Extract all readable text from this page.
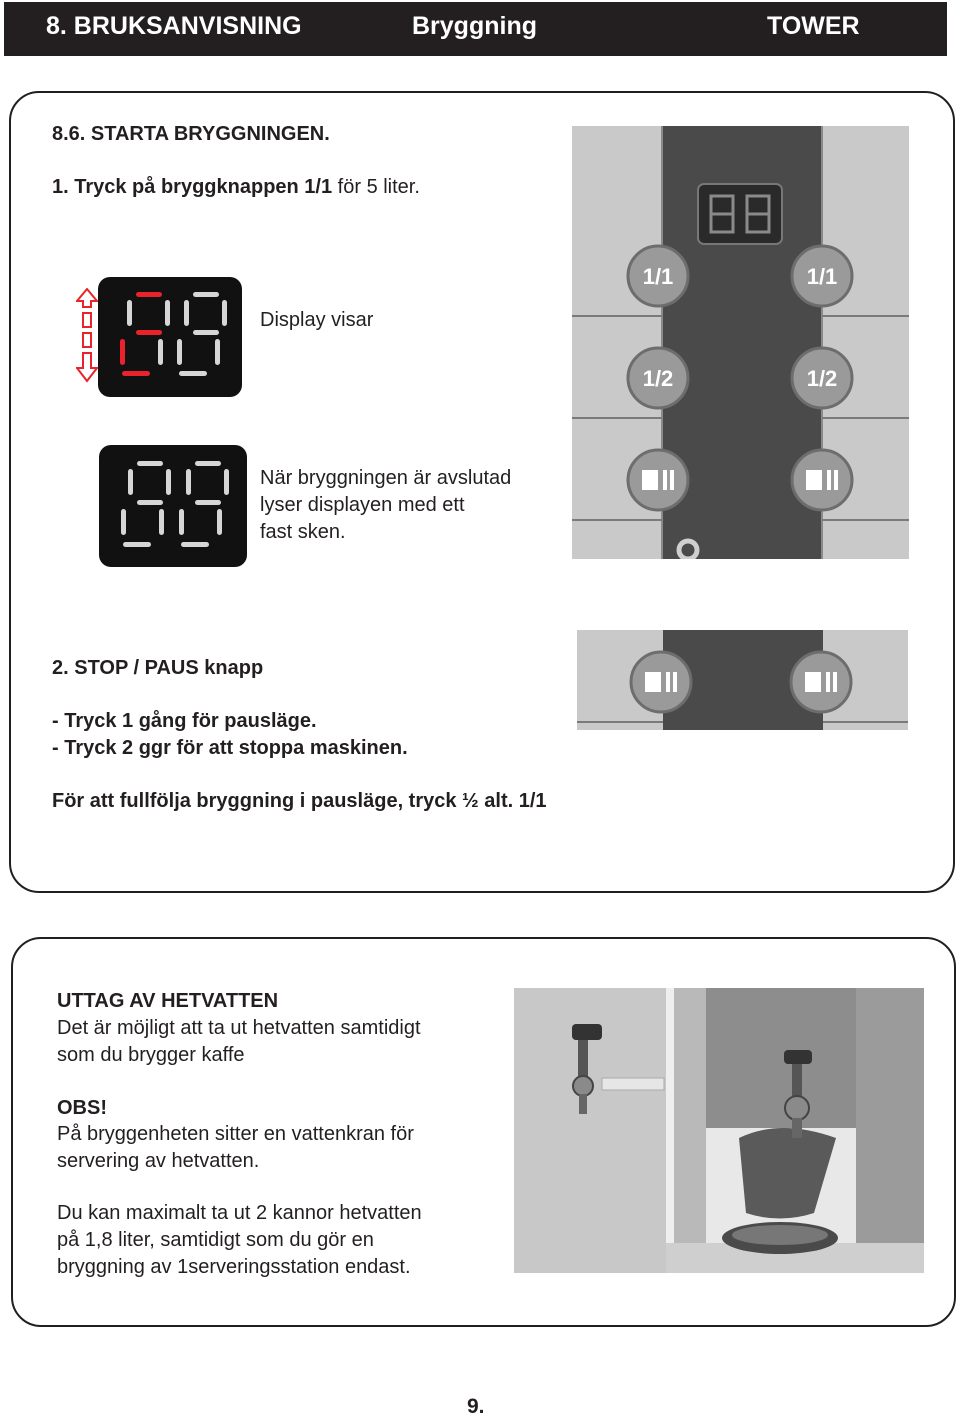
8. BRUKSANVISNING	Bryggning	TOWER
8.6. STARTA BRYGGNINGEN.
1. Tryck på bryggknappen 1/1 för 5 liter.
Display visar
När bryggningen är avslutad
lyser displayen med ett
fast sken.
1/1	1/1
1/2	1/2
2. STOP / PAUS knapp
- Tryck 1 gång för pausläge.
- Tryck 2 ggr för att stoppa maskinen.
För att fullfölja bryggning i pausläge, tryck ½ alt. 1/1
UTTAG AV HETVATTEN
Det är möjligt att ta ut hetvatten samtidigt
som du brygger kaffe
OBS!
På bryggenheten sitter en vattenkran för
servering av hetvatten.
Du kan maximalt ta ut 2 kannor hetvatten
på 1,8 liter, samtidigt som du gör en
bryggning av 1serveringsstation endast.
9.
